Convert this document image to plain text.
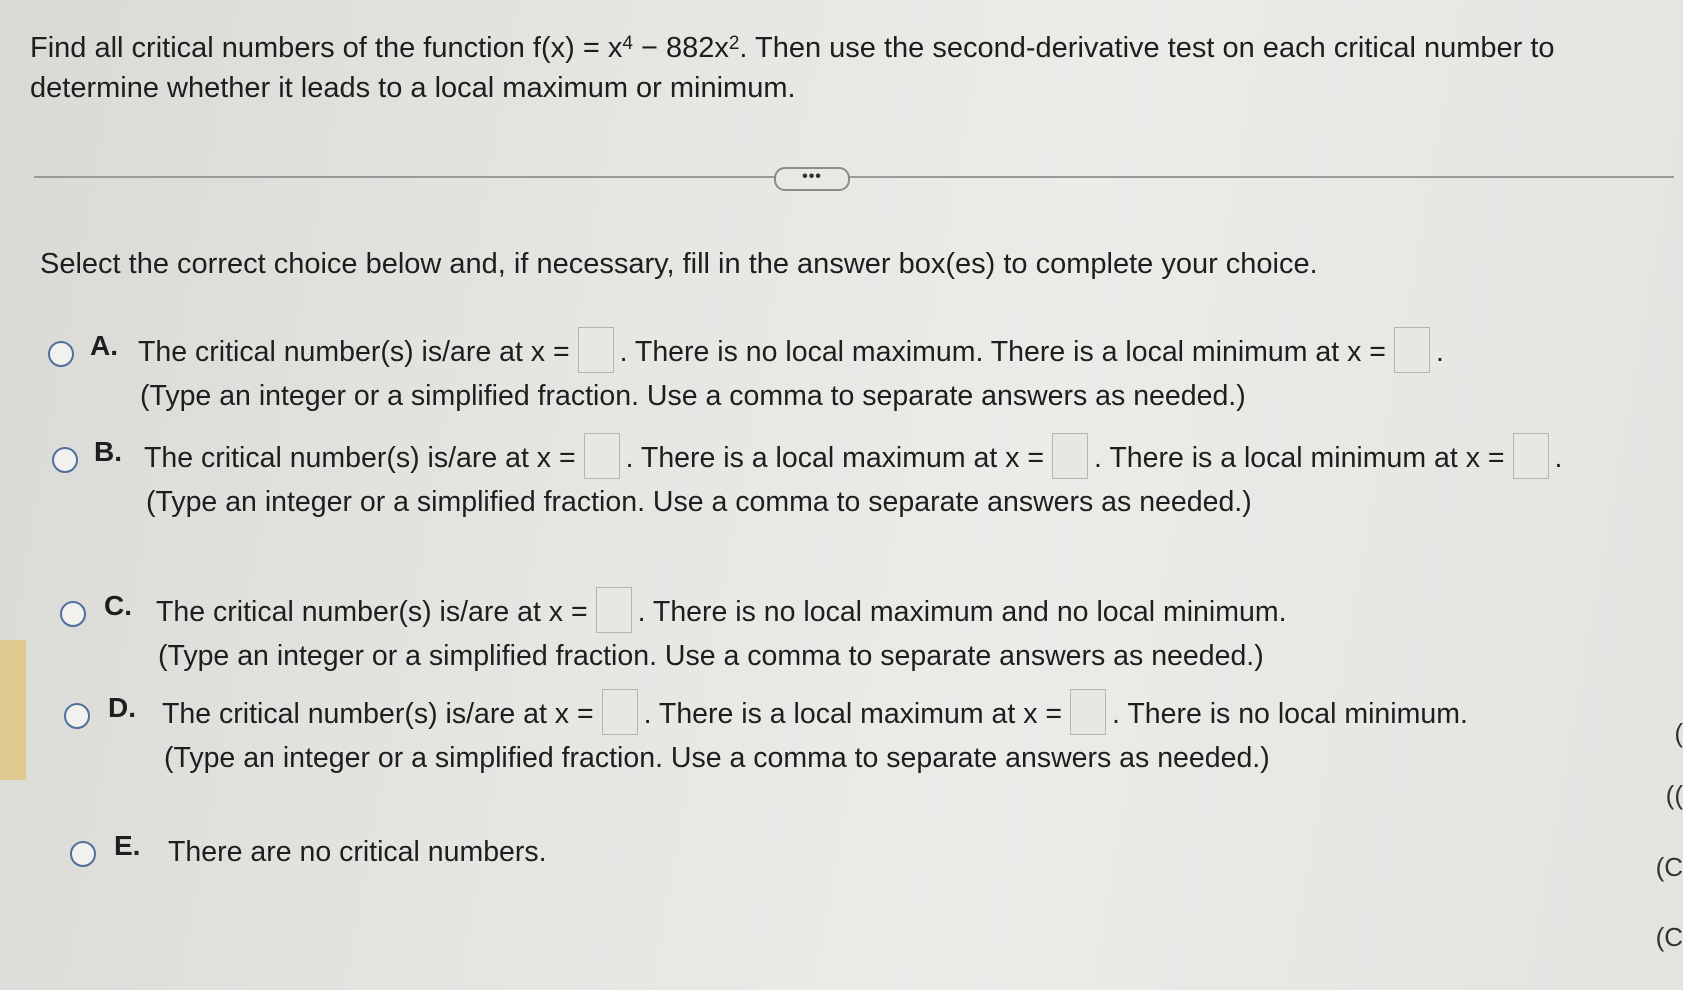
Find all critical numbers of the function $f(x) = x^4 - 882x^2$. Then use the second-derivative test on each critical number to determine whether it leads to a local maximum or minimum.
•••
Select the correct choice below and, if necessary, fill in the answer box(es) to complete your choice.
A. The critical number(s) is/are at x = . There is no local maximum. There is a local minimum at x = .
(Type an integer or a simplified fraction. Use a comma to separate answers as needed.)
B. The critical number(s) is/are at x = . There is a local maximum at x = . There is a local minimum at x = .
(Type an integer or a simplified fraction. Use a comma to separate answers as needed.)
C. The critical number(s) is/are at x = . There is no local maximum and no local minimum.
(Type an integer or a simplified fraction. Use a comma to separate answers as needed.)
D. The critical number(s) is/are at x = . There is a local maximum at x = . There is no local minimum.
(Type an integer or a simplified fraction. Use a comma to separate answers as needed.)
E. There are no critical numbers.
(
((
(C
(C
